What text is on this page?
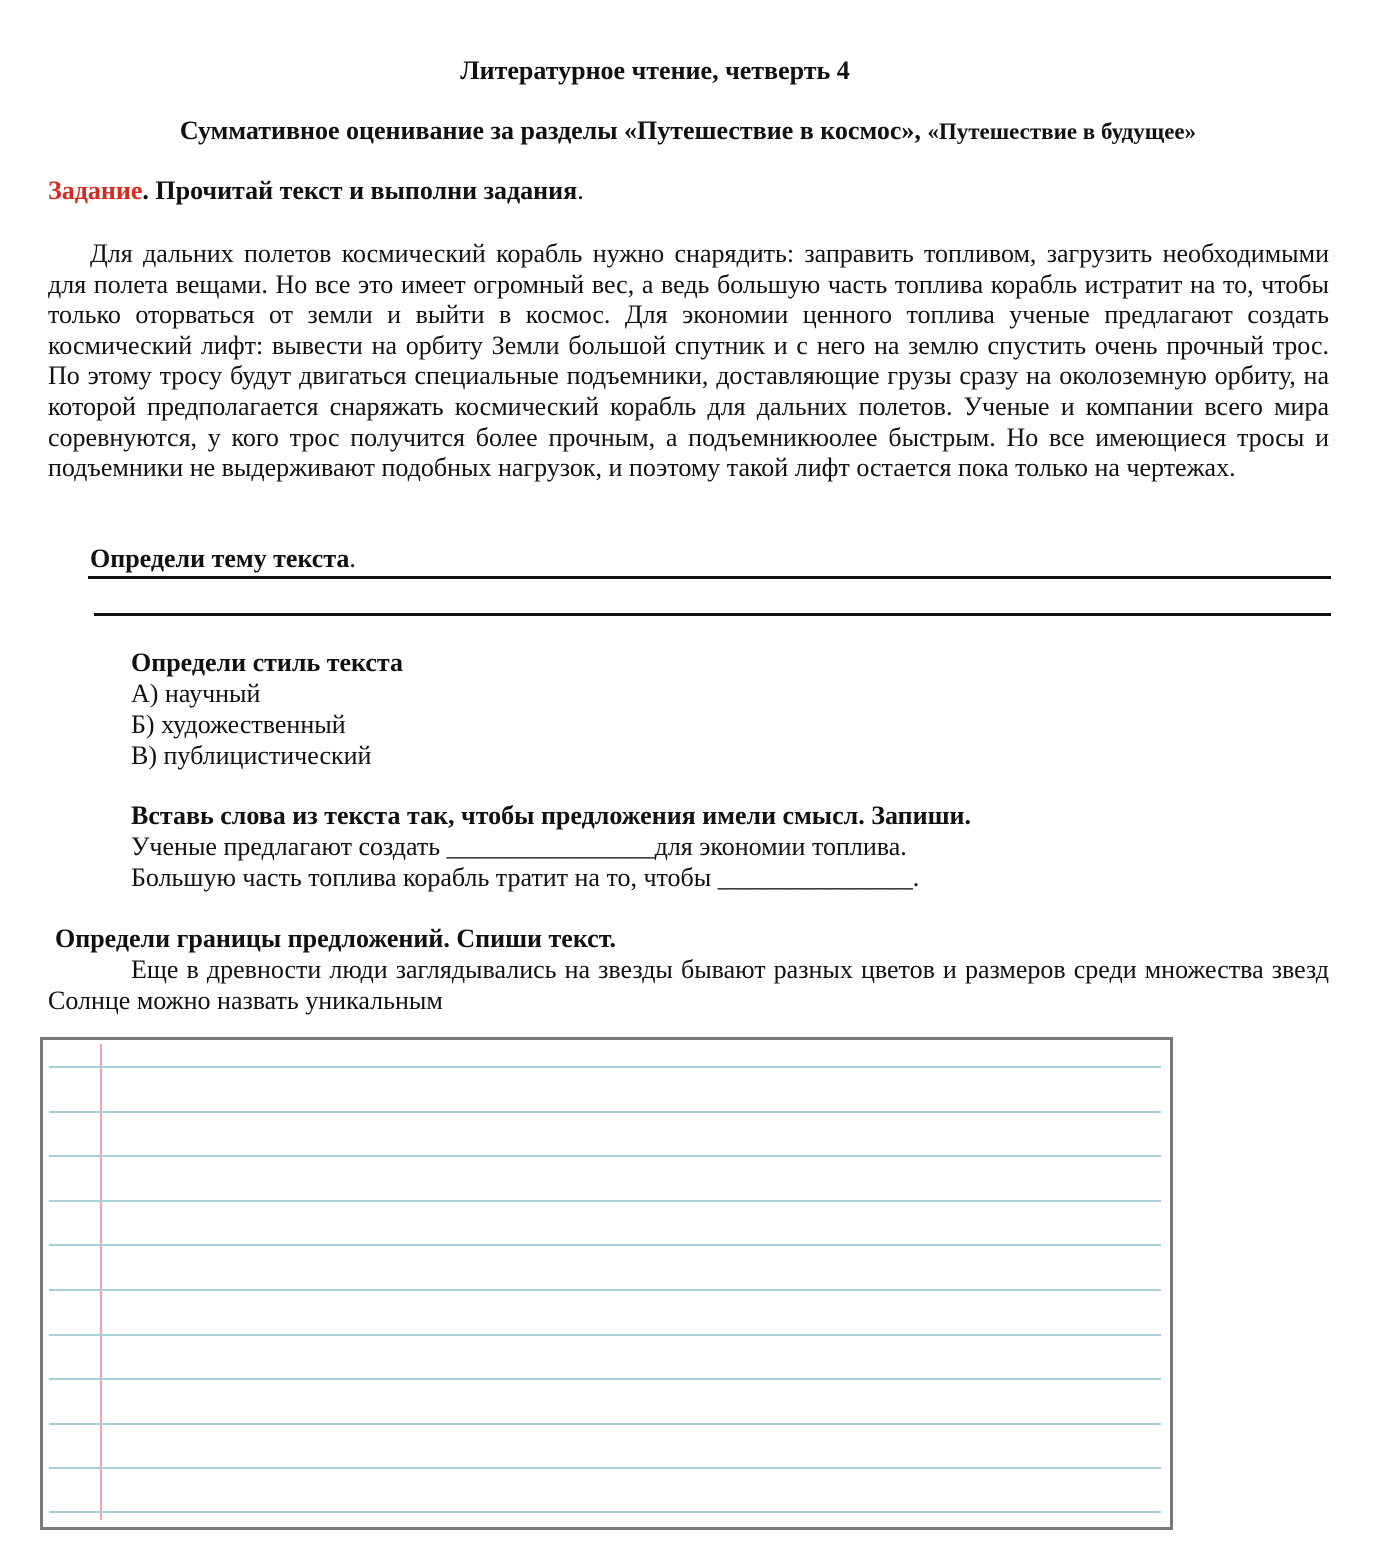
Литературное чтение, четверть 4
Суммативное оценивание за разделы «Путешествие в космос», «Путешествие в будущее»
Задание. Прочитай текст и выполни задания.
Для дальних полетов космический корабль нужно снарядить: заправить топливом, загрузить необходимыми для полета вещами. Но все это имеет огромный вес, а ведь большую часть топлива корабль истратит на то, чтобы только оторваться от земли и выйти в космос. Для экономии ценного топлива ученые предлагают создать космический лифт: вывести на орбиту Земли большой спутник и с него на землю спустить очень прочный трос. По этому тросу будут двигаться специальные подъемники, доставляющие грузы сразу на околоземную орбиту, на которой предполагается снаряжать космический корабль для дальних полетов. Ученые и компании всего мира соревнуются, у кого трос получится более прочным, а подъемникюолее быстрым. Но все имеющиеся тросы и подъемники не выдерживают подобных нагрузок, и поэтому такой лифт остается пока только на чертежах.
Определи тему текста.
Определи стиль текста
А) научный
Б) художественный
В) публицистический
Вставь слова из текста так, чтобы предложения имели смысл. Запиши.
Ученые предлагают создать ________________для экономии топлива.
Большую часть топлива корабль тратит на то, чтобы _______________.
Определи границы предложений. Спиши текст.
Еще в древности люди заглядывались на звезды бывают разных цветов и размеров среди множества звезд Солнце можно назвать уникальным
